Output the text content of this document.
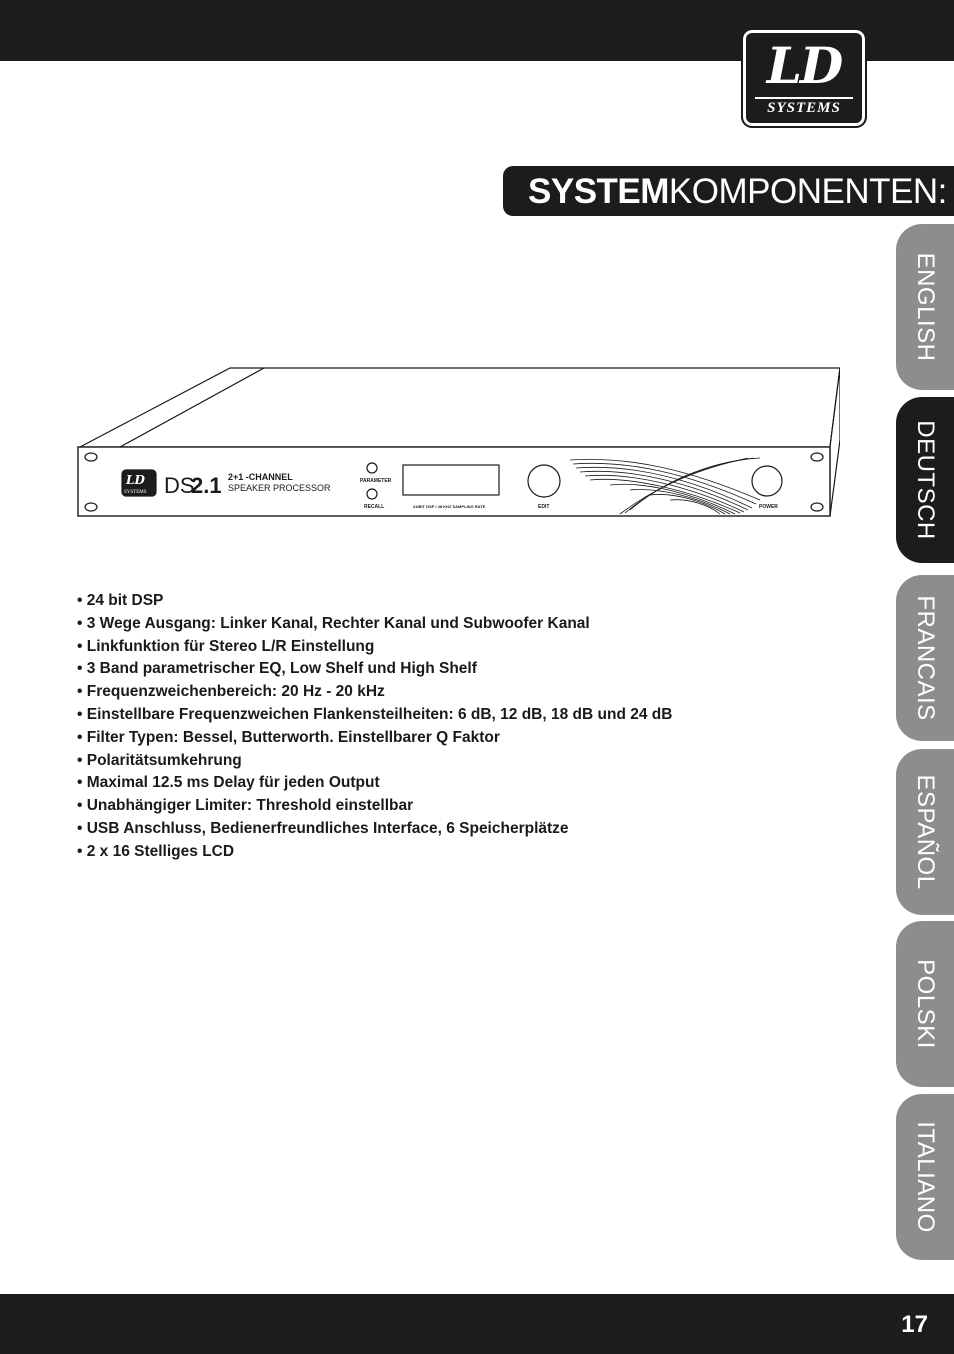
LD
SYSTEMS
SYSTEMKOMPONENTEN:
ENGLISH
DEUTSCH
FRANCAIS
ESPAÑOL
POLSKI
ITALIANO
LD
SYSTEMS DS
2.1 2+1 -CHANNEL
SPEAKER PROCESSOR
PARAMETER
RECALL	24/BIT DSP / 48 KHZ SAMPLING RATE	EDIT	POWER
• 24 bit DSP
• 3 Wege Ausgang: Linker Kanal, Rechter Kanal und Subwoofer Kanal
• Linkfunktion für Stereo L/R Einstellung
• 3 Band parametrischer EQ, Low Shelf und High Shelf
• Frequenzweichenbereich: 20 Hz - 20 kHz
• Einstellbare Frequenzweichen Flankensteilheiten: 6 dB, 12 dB, 18 dB und 24 dB
• Filter Typen: Bessel, Butterworth. Einstellbarer Q Faktor
• Polaritätsumkehrung
• Maximal 12.5 ms Delay für jeden Output
• Unabhängiger Limiter: Threshold einstellbar
• USB Anschluss, Bedienerfreundliches Interface, 6 Speicherplätze
• 2 x 16 Stelliges LCD
17
